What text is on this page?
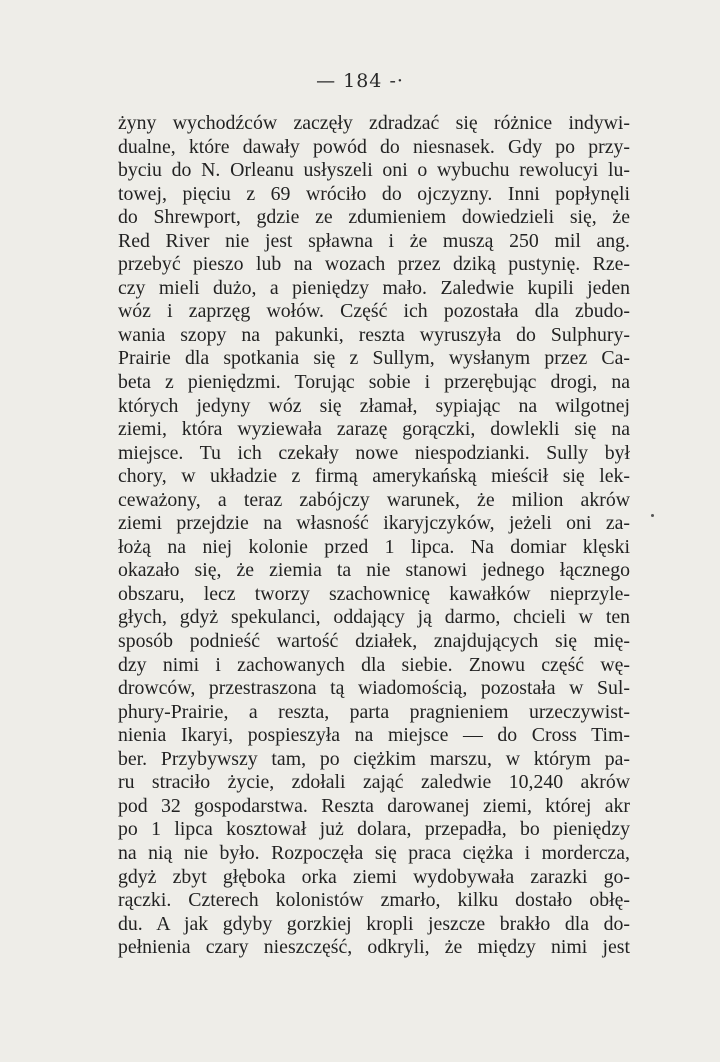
— 184 -·
żyny wychodźców zaczęły zdradzać się różnice indywi-
dualne, które dawały powód do niesnasek. Gdy po przy-
byciu do N. Orleanu usłyszeli oni o wybuchu rewolucyi lu-
towej, pięciu z 69 wróciło do ojczyzny. Inni popłynęli
do Shrewport, gdzie ze zdumieniem dowiedzieli się, że
Red River nie jest spławna i że muszą 250 mil ang.
przebyć pieszo lub na wozach przez dziką pustynię. Rze-
czy mieli dużo, a pieniędzy mało. Zaledwie kupili jeden
wóz i zaprzęg wołów. Część ich pozostała dla zbudo-
wania szopy na pakunki, reszta wyruszyła do Sulphury-
Prairie dla spotkania się z Sullym, wysłanym przez Ca-
beta z pieniędzmi. Torując sobie i przerębując drogi, na
których jedyny wóz się złamał, sypiając na wilgotnej
ziemi, która wyziewała zarazę gorączki, dowlekli się na
miejsce. Tu ich czekały nowe niespodzianki. Sully był
chory, w układzie z firmą amerykańską mieścił się lek-
ceważony, a teraz zabójczy warunek, że milion akrów
ziemi przejdzie na własność ikaryjczyków, jeżeli oni za-
łożą na niej kolonie przed 1 lipca. Na domiar klęski
okazało się, że ziemia ta nie stanowi jednego łącznego
obszaru, lecz tworzy szachownicę kawałków nieprzyle-
głych, gdyż spekulanci, oddający ją darmo, chcieli w ten
sposób podnieść wartość działek, znajdujących się mię-
dzy nimi i zachowanych dla siebie. Znowu część wę-
drowców, przestraszona tą wiadomością, pozostała w Sul-
phury-Prairie, a reszta, parta pragnieniem urzeczywist-
nienia Ikaryi, pospieszyła na miejsce — do Cross Tim-
ber. Przybywszy tam, po ciężkim marszu, w którym pa-
ru straciło życie, zdołali zająć zaledwie 10,240 akrów
pod 32 gospodarstwa. Reszta darowanej ziemi, której akr
po 1 lipca kosztował już dolara, przepadła, bo pieniędzy
na nią nie było. Rozpoczęła się praca ciężka i mordercza,
gdyż zbyt głęboka orka ziemi wydobywała zarazki go-
rączki. Czterech kolonistów zmarło, kilku dostało obłę-
du. A jak gdyby gorzkiej kropli jeszcze brakło dla do-
pełnienia czary nieszczęść, odkryli, że między nimi jest
